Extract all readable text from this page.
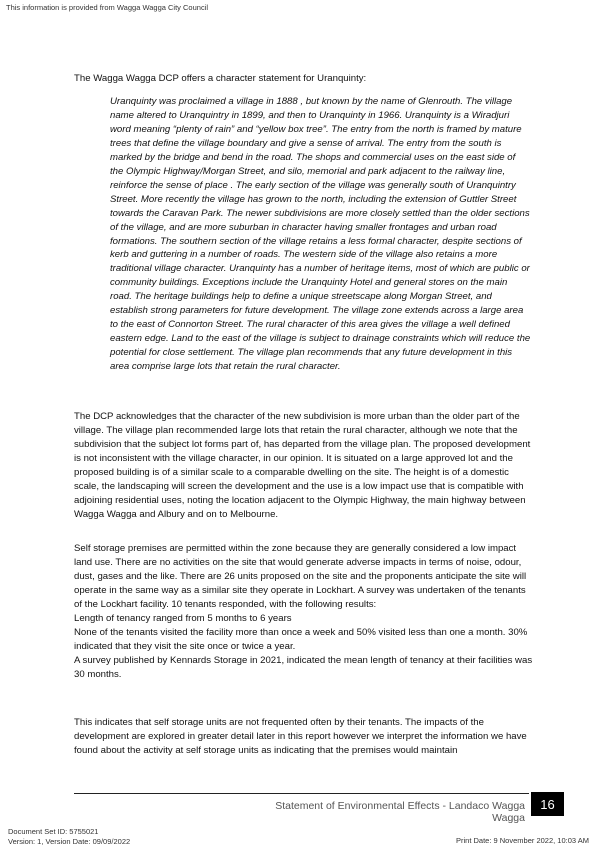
This information is provided from Wagga Wagga City Council
The Wagga Wagga DCP offers a character statement for Uranquinty:
Uranquinty was proclaimed a village in 1888 , but known by the name of Glenrouth. The village name altered to Uranquintry in 1899, and then to Uranquinty in 1966. Uranquinty is a Wiradjuri word meaning “plenty of rain” and “yellow box tree”. The entry from the north is framed by mature trees that define the village boundary and give a sense of arrival. The entry from the south is marked by the bridge and bend in the road. The shops and commercial uses on the east side of the Olympic Highway/Morgan Street, and silo, memorial and park adjacent to the railway line, reinforce the sense of place . The early section of the village was generally south of Uranquintry Street. More recently the village has grown to the north, including the extension of Guttler Street towards the Caravan Park. The newer subdivisions are more closely settled than the older sections of the village, and are more suburban in character having smaller frontages and urban road formations. The southern section of the village retains a less formal character, despite sections of kerb and guttering in a number of roads. The western side of the village also retains a more traditional village character. Uranquinty has a number of heritage items, most of which are public or community buildings. Exceptions include the Uranquinty Hotel and general stores on the main road. The heritage buildings help to define a unique streetscape along Morgan Street, and establish strong parameters for future development. The village zone extends across a large area to the east of Connorton Street. The rural character of this area gives the village a well defined eastern edge. Land to the east of the village is subject to drainage constraints which will reduce the potential for close settlement. The village plan recommends that any future development in this area comprise large lots that retain the rural character.
The DCP acknowledges that the character of the new subdivision is more urban than the older part of the village. The village plan recommended large lots that retain the rural character, although we note that the subdivision that the subject lot forms part of, has departed from the village plan. The proposed development is not inconsistent with the village character, in our opinion. It is situated on a large approved lot and the proposed building is of a similar scale to a comparable dwelling on the site. The height is of a domestic scale, the landscaping will screen the development and the use is a low impact use that is compatible with adjoining residential uses, noting the location adjacent to the Olympic Highway, the main highway between Wagga Wagga and Albury and on to Melbourne.
Self storage premises are permitted within the zone because they are generally considered a low impact land use. There are no activities on the site that would generate adverse impacts in terms of noise, odour, dust, gases and the like. There are 26 units proposed on the site and the proponents anticipate the site will operate in the same way as a similar site they operate in Lockhart. A survey was undertaken of the tenants of the Lockhart facility. 10 tenants responded, with the following results:
Length of tenancy ranged from 5 months to 6 years
None of the tenants visited the facility more than once a week and 50% visited less than one a month. 30% indicated that they visit the site once or twice a year.
A survey published by Kennards Storage in 2021, indicated the mean length of tenancy at their facilities was 30 months.
This indicates that self storage units are not frequented often by their tenants. The impacts of the development are explored in greater detail later in this report however we interpret the information we have found about the activity at self storage units as indicating that the premises would maintain
Statement of Environmental Effects - Landaco Wagga Wagga
16
Document Set ID: 5755021
Version: 1, Version Date: 09/09/2022	Print Date: 9 November 2022, 10:03 AM
